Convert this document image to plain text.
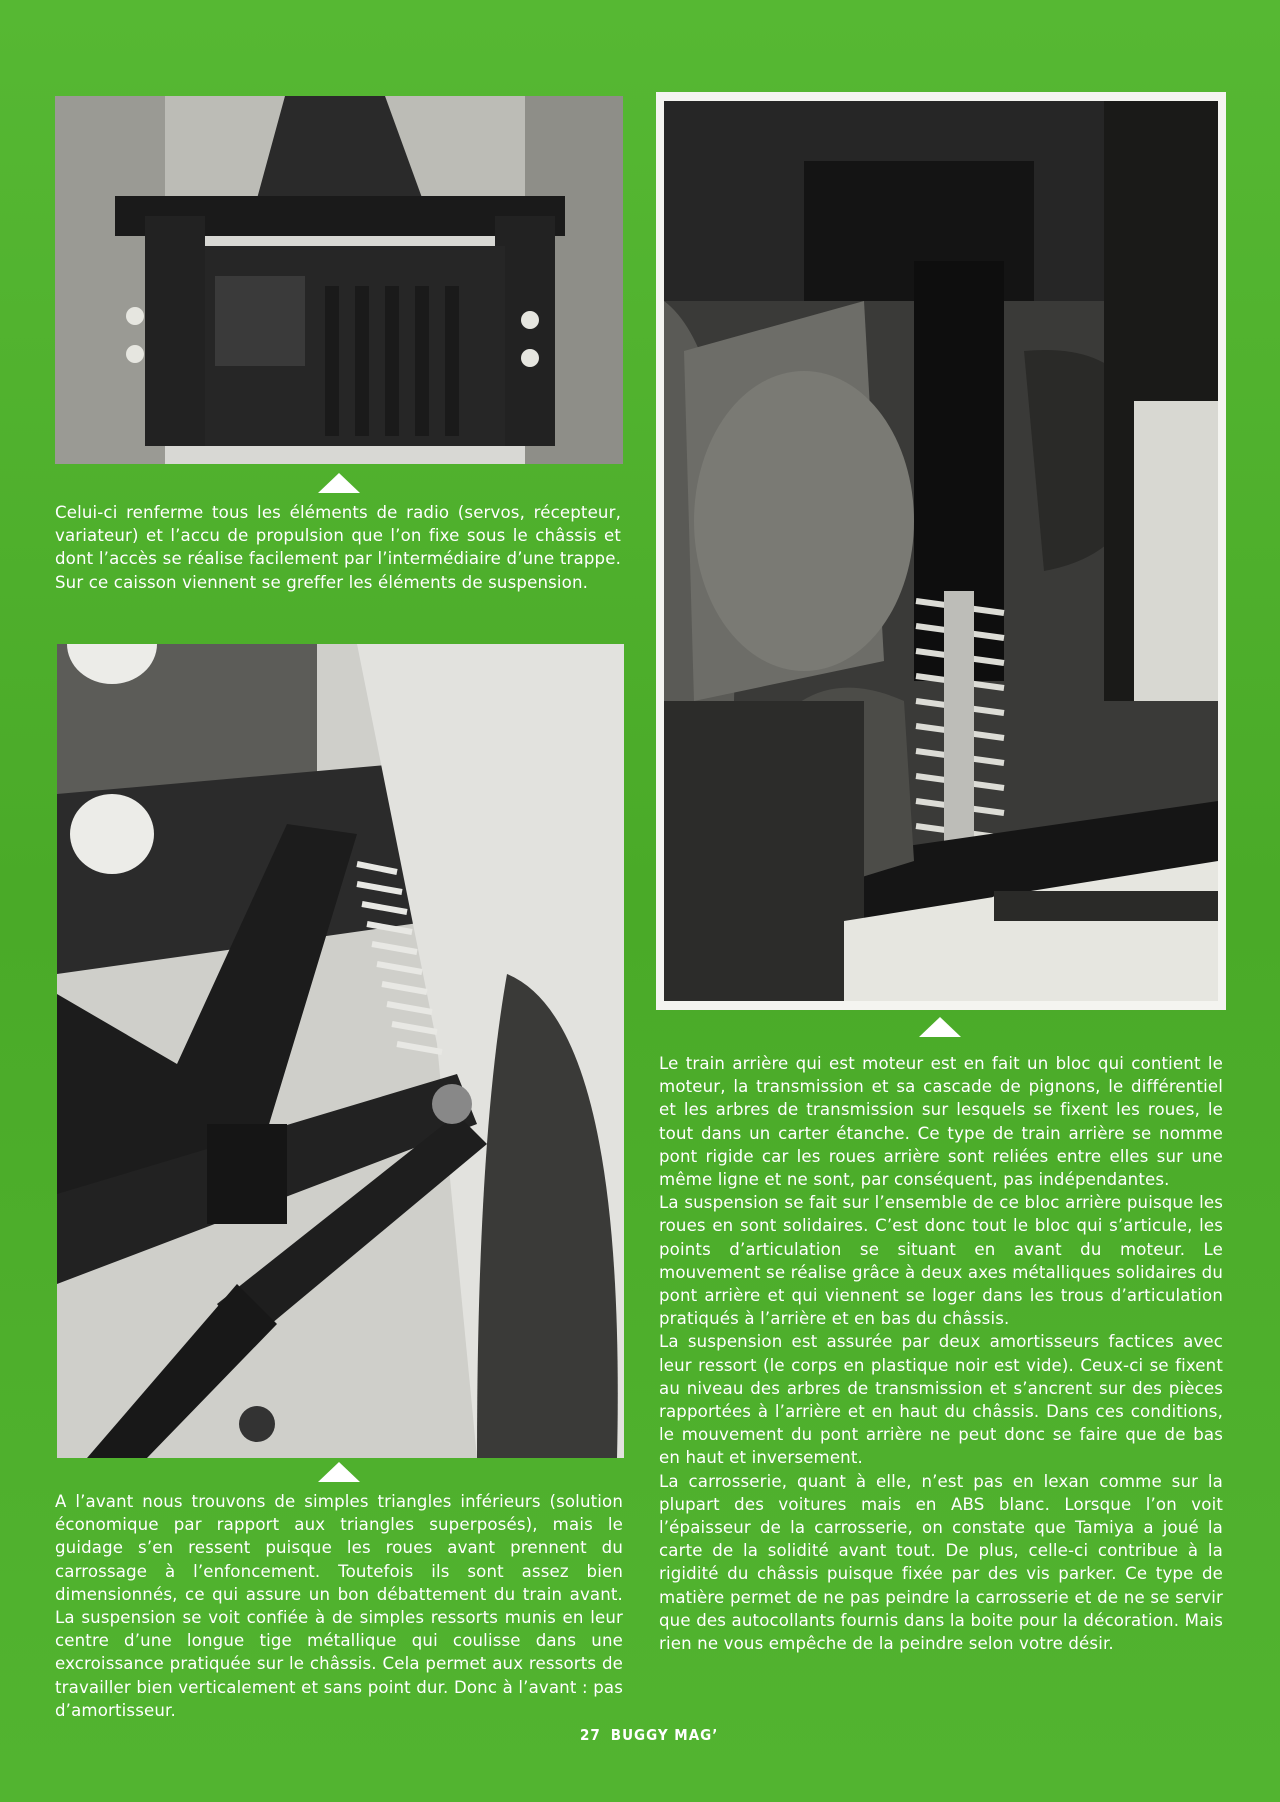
Celui-ci renferme tous les éléments de radio (servos, récepteur, variateur) et l’accu de propulsion que l’on fixe sous le châssis et dont l’accès se réalise facilement par l’intermédiaire d’une trappe. Sur ce caisson viennent se greffer les éléments de suspension.
A l’avant nous trouvons de simples triangles inférieurs (solution économique par rapport aux triangles superposés), mais le guidage s’en ressent puisque les roues avant prennent du carrossage à l’enfoncement. Toutefois ils sont assez bien dimensionnés, ce qui assure un bon débattement du train avant. La suspension se voit confiée à de simples ressorts munis en leur centre d’une longue tige métallique qui coulisse dans une excroissance pratiquée sur le châssis. Cela permet aux ressorts de travailler bien verticalement et sans point dur. Donc à l’avant : pas d’amortisseur.

Le train arrière qui est moteur est en fait un bloc qui contient le moteur, la transmission et sa cascade de pignons, le différentiel et les arbres de transmission sur lesquels se fixent les roues, le tout dans un carter étanche. Ce type de train arrière se nomme pont rigide car les roues arrière sont reliées entre elles sur une même ligne et ne sont, par conséquent, pas indépendantes.

La suspension se fait sur l’ensemble de ce bloc arrière puisque les roues en sont solidaires. C’est donc tout le bloc qui s’articule, les points d’articulation se situant en avant du moteur. Le mouvement se réalise grâce à deux axes métalliques solidaires du pont arrière et qui viennent se loger dans les trous d’articulation pratiqués à l’arrière et en bas du châssis.

La suspension est assurée par deux amortisseurs factices avec leur ressort (le corps en plastique noir est vide). Ceux-ci se fixent au niveau des arbres de transmission et s’ancrent sur des pièces rapportées à l’arrière et en haut du châssis. Dans ces conditions, le mouvement du pont arrière ne peut donc se faire que de bas en haut et inversement.

La carrosserie, quant à elle, n’est pas en lexan comme sur la plupart des voitures mais en ABS blanc. Lorsque l’on voit l’épaisseur de la carrosserie, on constate que Tamiya a joué la carte de la solidité avant tout. De plus, celle-ci contribue à la rigidité du châssis puisque fixée par des vis parker. Ce type de matière permet de ne pas peindre la carrosserie et de ne se servir que des autocollants fournis dans la boite pour la décoration. Mais rien ne vous empêche de la peindre selon votre désir.

27 BUGGY MAG’
